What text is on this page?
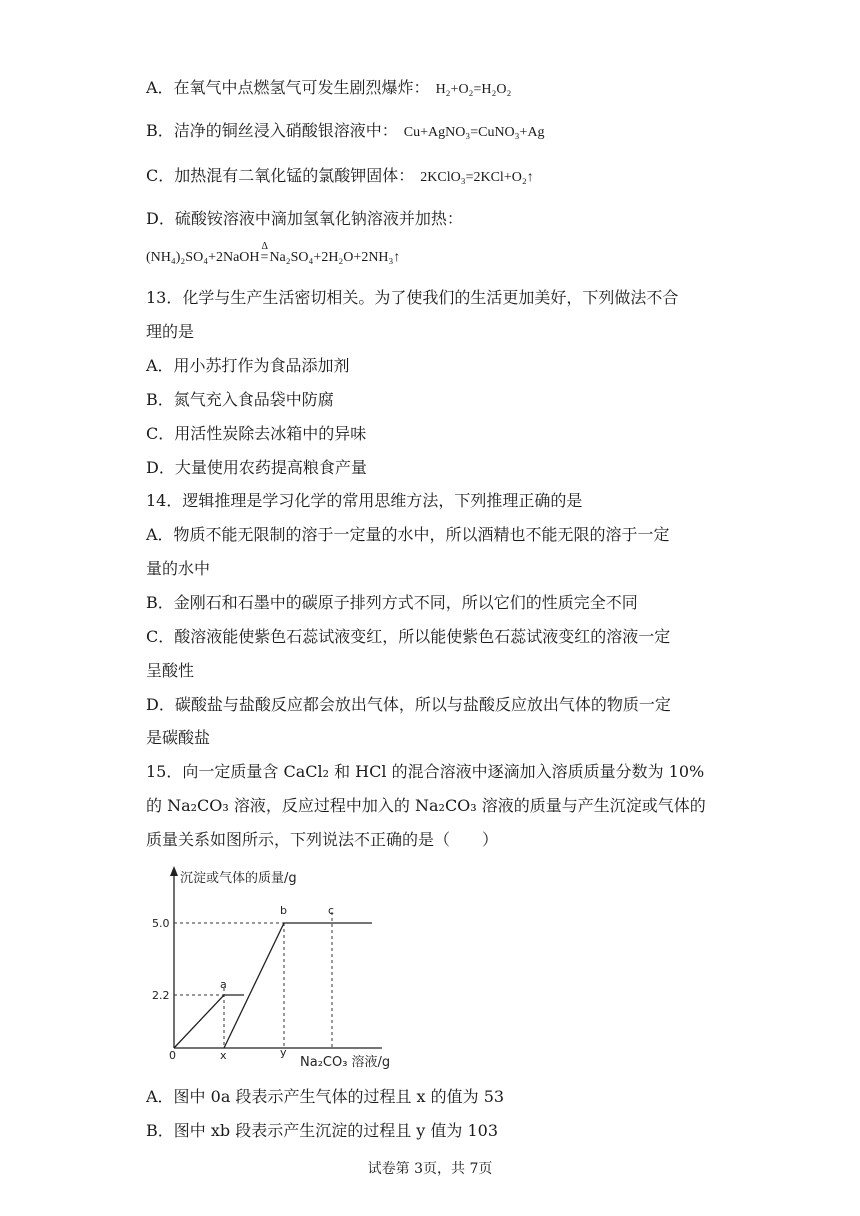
A．在氧气中点燃氢气可发生剧烈爆炸： H₂+O₂=H₂O₂
B．洁净的铜丝浸入硝酸银溶液中： Cu+AgNO₃=CuNO₃+Ag
C．加热混有二氧化锰的氯酸钾固体： 2KClO₃=2KCl+O₂↑
D．硫酸铵溶液中滴加氢氧化钠溶液并加热：
(NH₄)₂SO₄+2NaOH
Δ
=Na₂SO₄+2H₂O+2NH₃↑
13．化学与生产生活密切相关。为了使我们的生活更加美好，下列做法不合
理的是
A．用小苏打作为食品添加剂
B．氮气充入食品袋中防腐
C．用活性炭除去冰箱中的异味
D．大量使用农药提高粮食产量
14．逻辑推理是学习化学的常用思维方法，下列推理正确的是
A．物质不能无限制的溶于一定量的水中，所以酒精也不能无限的溶于一定
量的水中
B．金刚石和石墨中的碳原子排列方式不同，所以它们的性质完全不同
C．酸溶液能使紫色石蕊试液变红，所以能使紫色石蕊试液变红的溶液一定
呈酸性
D．碳酸盐与盐酸反应都会放出气体，所以与盐酸反应放出气体的物质一定
是碳酸盐
15．向一定质量含 CaCl₂ 和 HCl 的混合溶液中逐滴加入溶质质量分数为 10%
的 Na₂CO₃ 溶液，反应过程中加入的 Na₂CO₃ 溶液的质量与产生沉淀或气体的
质量关系如图所示，下列说法不正确的是（　　）
沉淀或气体的质量/g
Na₂CO₃ 溶液/g
5.0
2.2
0	x	y
a
b	c
A．图中 0a 段表示产生气体的过程且 x 的值为 53
B．图中 xb 段表示产生沉淀的过程且 y 值为 103
试卷第 3页，共 7页
